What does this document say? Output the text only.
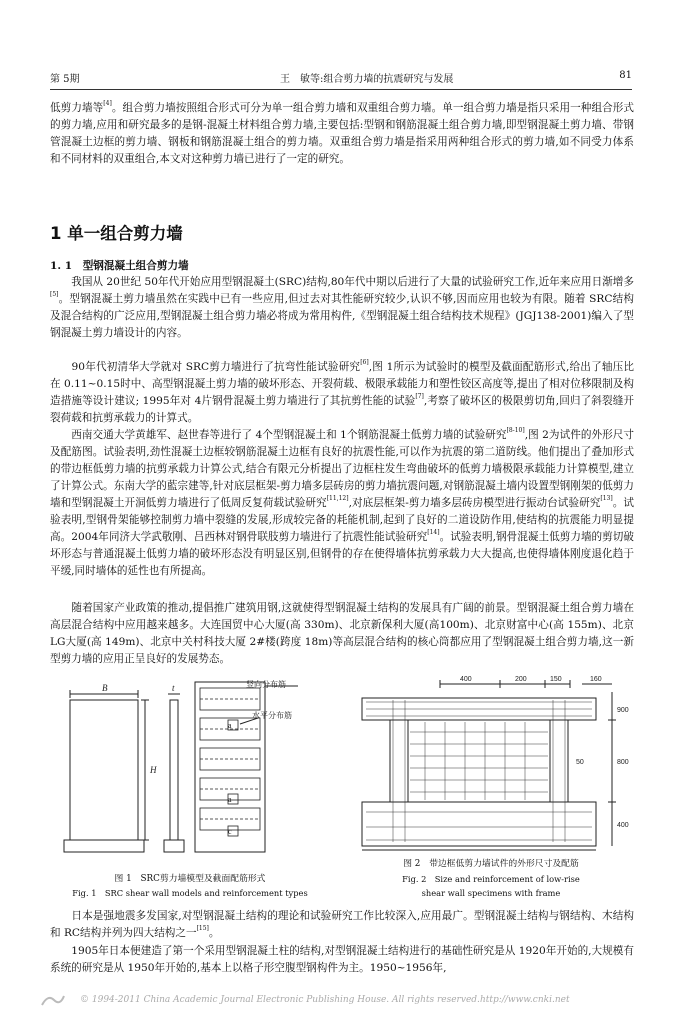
第 5期	王　敏等:组合剪力墙的抗震研究与发展	81

低剪力墙等[4]。组合剪力墙按照组合形式可分为单一组合剪力墙和双重组合剪力墙。单一组合剪力墙是指只采用一种组合形式的剪力墙,应用和研究最多的是钢-混凝土材料组合剪力墙,主要包括:型钢和钢筋混凝土组合剪力墙,即型钢混凝土剪力墙、带钢管混凝土边框的剪力墙、钢板和钢筋混凝土组合的剪力墙。双重组合剪力墙是指采用两种组合形式的剪力墙,如不同受力体系和不同材料的双重组合,本文对这种剪力墙已进行了一定的研究。

1 单一组合剪力墙
1. 1　型钢混凝土组合剪力墙

　　我国从 20世纪 50年代开始应用型钢混凝土(SRC)结构,80年代中期以后进行了大量的试验研究工作,近年来应用日渐增多[5]。型钢混凝土剪力墙虽然在实践中已有一些应用,但过去对其性能研究较少,认识不够,因而应用也较为有限。随着 SRC结构及混合结构的广泛应用,型钢混凝土组合剪力墙必将成为常用构件,《型钢混凝土组合结构技术规程》(JGJ138-2001)编入了型钢混凝土剪力墙设计的内容。

　　90年代初清华大学就对 SRC剪力墙进行了抗弯性能试验研究[6],图 1所示为试验时的模型及截面配筋形式,给出了轴压比在 0.11~0.15时中、高型钢混凝土剪力墙的破坏形态、开裂荷载、极限承载能力和塑性铰区高度等,提出了相对位移限制及构造措施等设计建议; 1995年对 4片钢骨混凝土剪力墙进行了其抗剪性能的试验[7],考察了破坏区的极限剪切角,回归了斜裂缝开裂荷载和抗剪承载力的计算式。

　　西南交通大学黄雄军、赵世春等进行了 4个型钢混凝土和 1个钢筋混凝土低剪力墙的试验研究[8-10],图 2为试件的外形尺寸及配筋图。试验表明,劲性混凝土边框较钢筋混凝土边框有良好的抗震性能,可以作为抗震的第二道防线。他们提出了叠加形式的带边框低剪力墙的抗剪承载力计算公式,结合有限元分析提出了边框柱发生弯曲破坏的低剪力墙极限承载能力计算模型,建立了计算公式。东南大学的藍宗建等,针对底层框架-剪力墙多层砖房的剪力墙抗震问题,对钢筋混凝土墙内设置型钢刚架的低剪力墙和型钢混凝土开洞低剪力墙进行了低周反复荷载试验研究[11,12],对底层框架-剪力墙多层砖房模型进行振动台试验研究[13]。试验表明,型钢骨架能够控制剪力墙中裂缝的发展,形成较完备的耗能机制,起到了良好的二道设防作用,使结构的抗震能力明显提高。2004年同济大学武敬刚、吕西林对钢骨联肢剪力墙进行了抗震性能试验研究[14]。试验表明,钢骨混凝土低剪力墙的剪切破坏形态与普通混凝土低剪力墙的破坏形态没有明显区别,但钢骨的存在使得墙体抗剪承载力大大提高,也使得墙体刚度退化趋于平缓,同时墙体的延性也有所提高。

　　随着国家产业政策的推动,提倡推广建筑用钢,这就使得型钢混凝土结构的发展具有广阔的前景。型钢混凝土组合剪力墙在高层混合结构中应用越来越多。大连国贸中心大厦(高 330m)、北京新保利大厦(高100m)、北京财富中心(高 155m)、北京 LG大厦(高 149m)、北京中关村科技大厦 2#楼(跨度 18m)等高层混合结构的核心筒都应用了型钢混凝土组合剪力墙,这一新型剪力墙的应用正呈良好的发展势态。

B	t
H
a
a
c
竖向分布筋
水平分布筋
图 1　SRC剪力墙模型及截面配筋形式
Fig. 1　SRC shear wall models and reinforcement types
400	200	150	160
900
800
400
50
图 2　带边框低剪力墙试件的外形尺寸及配筋
Fig. 2　Size and reinforcement of low-rise
shear wall specimens with frame

　　日本是强地震多发国家,对型钢混凝土结构的理论和试验研究工作比较深入,应用最广。型钢混凝土结构与钢结构、木结构和 RC结构并列为四大结构之一[15]。

　　1905年日本便建造了第一个采用型钢混凝土柱的结构,对型钢混凝土结构进行的基础性研究是从 1920年开始的,大规模有系统的研究是从 1950年开始的,基本上以格子形空腹型钢构件为主。1950~1956年,

© 1994-2011 China Academic Journal Electronic Publishing House. All rights reserved. http://www.cnki.net
